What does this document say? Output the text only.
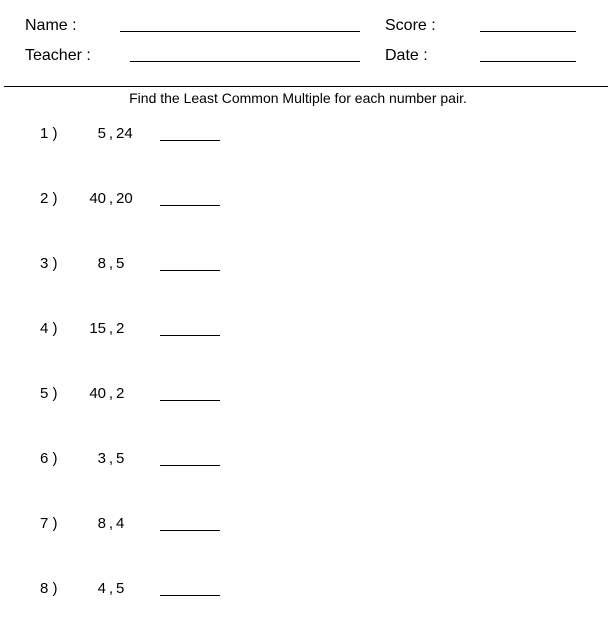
Name :	Score :
Teacher :	Date :
Find the Least Common Multiple for each number pair.
1 )	5 , 24
2 )	40 , 20
3 )	8 , 5
4 )	15 , 2
5 )	40 , 2
6 )	3 , 5
7 )	8 , 4
8 )	4 , 5
